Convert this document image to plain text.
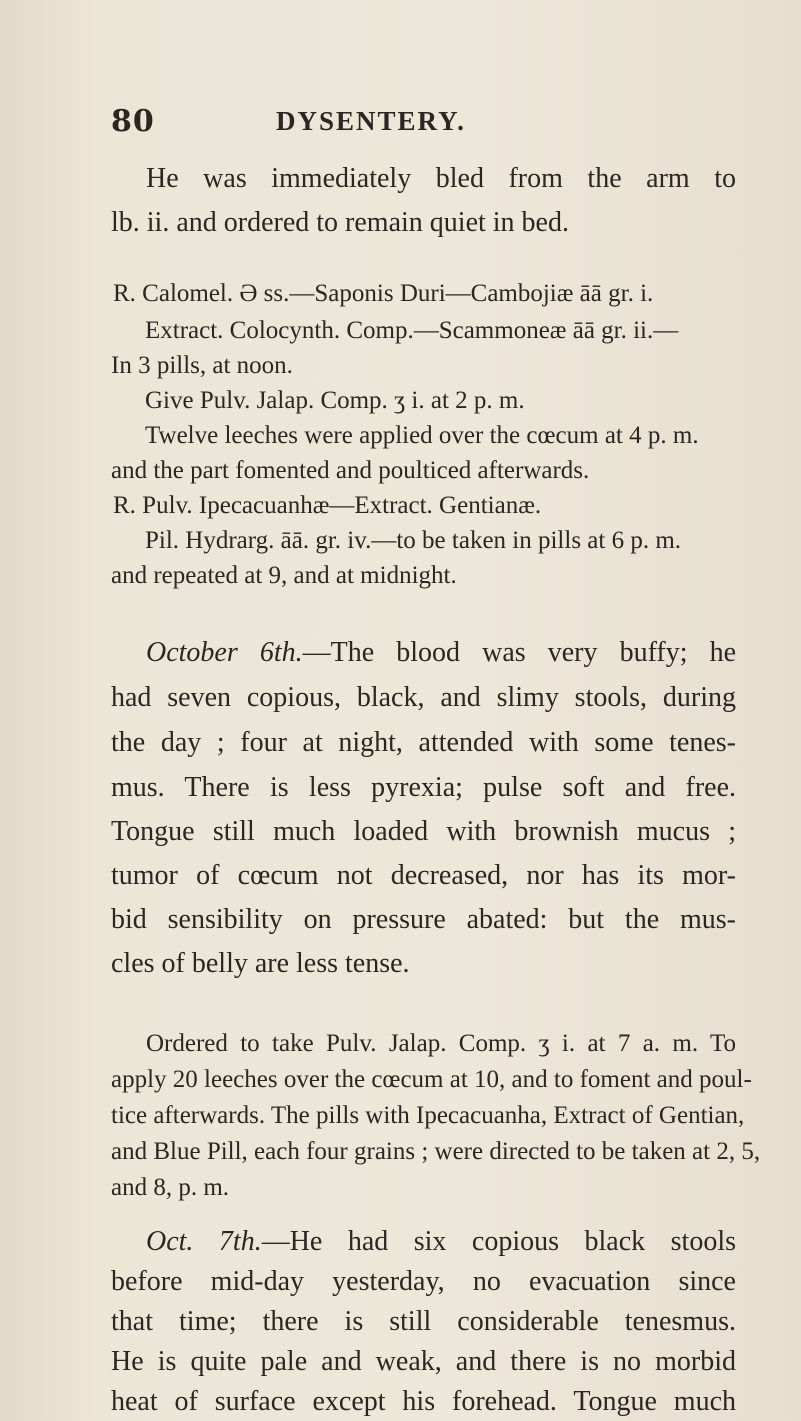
80	DYSENTERY.
He was immediately bled from the arm to
lb. ii. and ordered to remain quiet in bed.
R. Calomel. Ə ss.—Saponis Duri—Cambojiæ āā gr. i.
Extract. Colocynth. Comp.—Scammoneæ āā gr. ii.—
In 3 pills, at noon.
Give Pulv. Jalap. Comp. ʒ i. at 2 p. m.
Twelve leeches were applied over the cœcum at 4 p. m.
and the part fomented and poulticed afterwards.
R. Pulv. Ipecacuanhæ—Extract. Gentianæ.
Pil. Hydrarg. āā. gr. iv.—to be taken in pills at 6 p. m.
and repeated at 9, and at midnight.
October 6th.—The blood was very buffy; he
had seven copious, black, and slimy stools, during
the day ; four at night, attended with some tenes-
mus. There is less pyrexia; pulse soft and free.
Tongue still much loaded with brownish mucus ;
tumor of cœcum not decreased, nor has its mor-
bid sensibility on pressure abated: but the mus-
cles of belly are less tense.
Ordered to take Pulv. Jalap. Comp. ʒ i. at 7 a. m. To
apply 20 leeches over the cœcum at 10, and to foment and poul-
tice afterwards. The pills with Ipecacuanha, Extract of Gentian,
and Blue Pill, each four grains ; were directed to be taken at 2, 5,
and 8, p. m.
Oct. 7th.—He had six copious black stools
before mid-day yesterday, no evacuation since
that time; there is still considerable tenesmus.
He is quite pale and weak, and there is no morbid
heat of surface except his forehead. Tongue much
